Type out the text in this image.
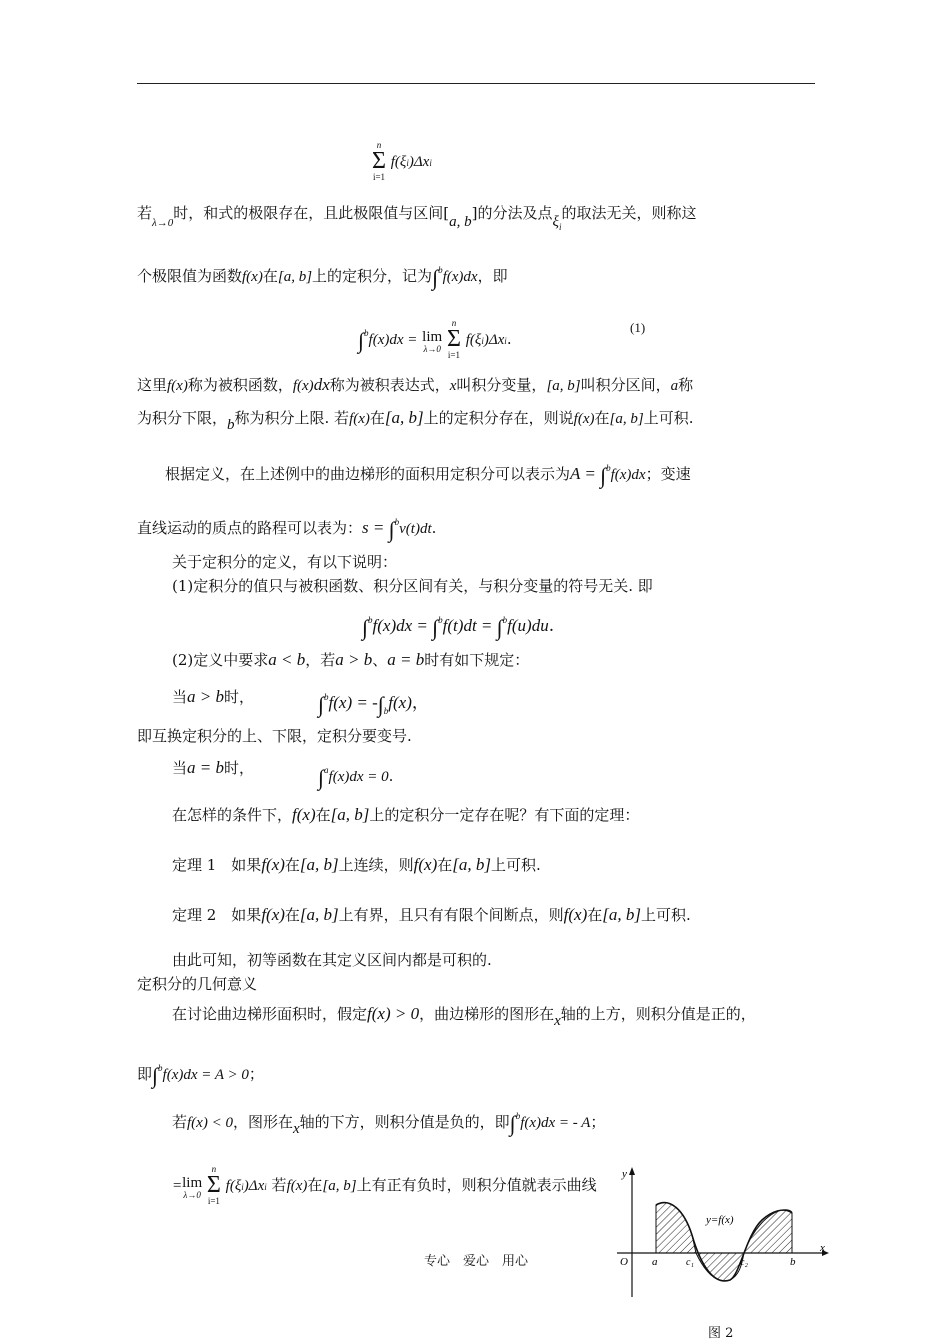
n
Σ
i=1
f(ξi)Δxi
若$_{\lambda\to 0}$时，和式的极限存在，且此极限值与区间[a, b]的分法及点$\xi_i$的取法无关，则称这
个极限值为函数f(x)在[a, b]上的定积分，记为∫$^b$f(x)dx，即
∫$^b$f(x)dx = lim
λ→0

n
Σ
i=1
f(ξi)Δxi.
(1)
这里f(x)称为被积函数，f(x)dx称为被积表达式，x叫积分变量，[a, b]叫积分区间，a称
为积分下限，b称为积分上限. 若f(x)在[a, b]上的定积分存在，则说f(x)在[a, b]上可积.
根据定义，在上述例中的曲边梯形的面积用定积分可以表示为A = ∫$^b$f(x)dx；变速
直线运动的质点的路程可以表为：s = ∫$^b$v(t)dt.
关于定积分的定义，有以下说明：
(1)定积分的值只与被积函数、积分区间有关，与积分变量的符号无关. 即
∫$^b$f(x)dx = ∫$^b$f(t)dt = ∫$^b$f(u)du.
(2)定义中要求a < b，若a > b、a = b时有如下规定：
当a > b时，	$\int^bf(x) = -\int_bf(x)$，
即互换定积分的上、下限，定积分要变号.
当a = b时，	∫$^a$f(x)dx = 0.
在怎样的条件下，f(x)在[a, b]上的定积分一定存在呢？有下面的定理：
定理 1　如果f(x)在[a, b]上连续，则f(x)在[a, b]上可积.
定理 2　如果f(x)在[a, b]上有界，且只有有限个间断点，则f(x)在[a, b]上可积.
由此可知，初等函数在其定义区间内都是可积的.
定积分的几何意义
在讨论曲边梯形面积时，假定f(x) > 0，曲边梯形的图形在x轴的上方，则积分值是正的，
即∫$^b$f(x)dx = A > 0；
若f(x) < 0，图形在x轴的下方，则积分值是负的，即∫$^b$f(x)dx = - A；
= lim
λ→0

n
Σ
i=1
f(ξi)Δxi 若f(x)在[a, b]上有正有负时，则积分值就表示曲线
专心　爱心　用心
y=f(x)
O a	c₁	c₂	b
x
y
图 2
